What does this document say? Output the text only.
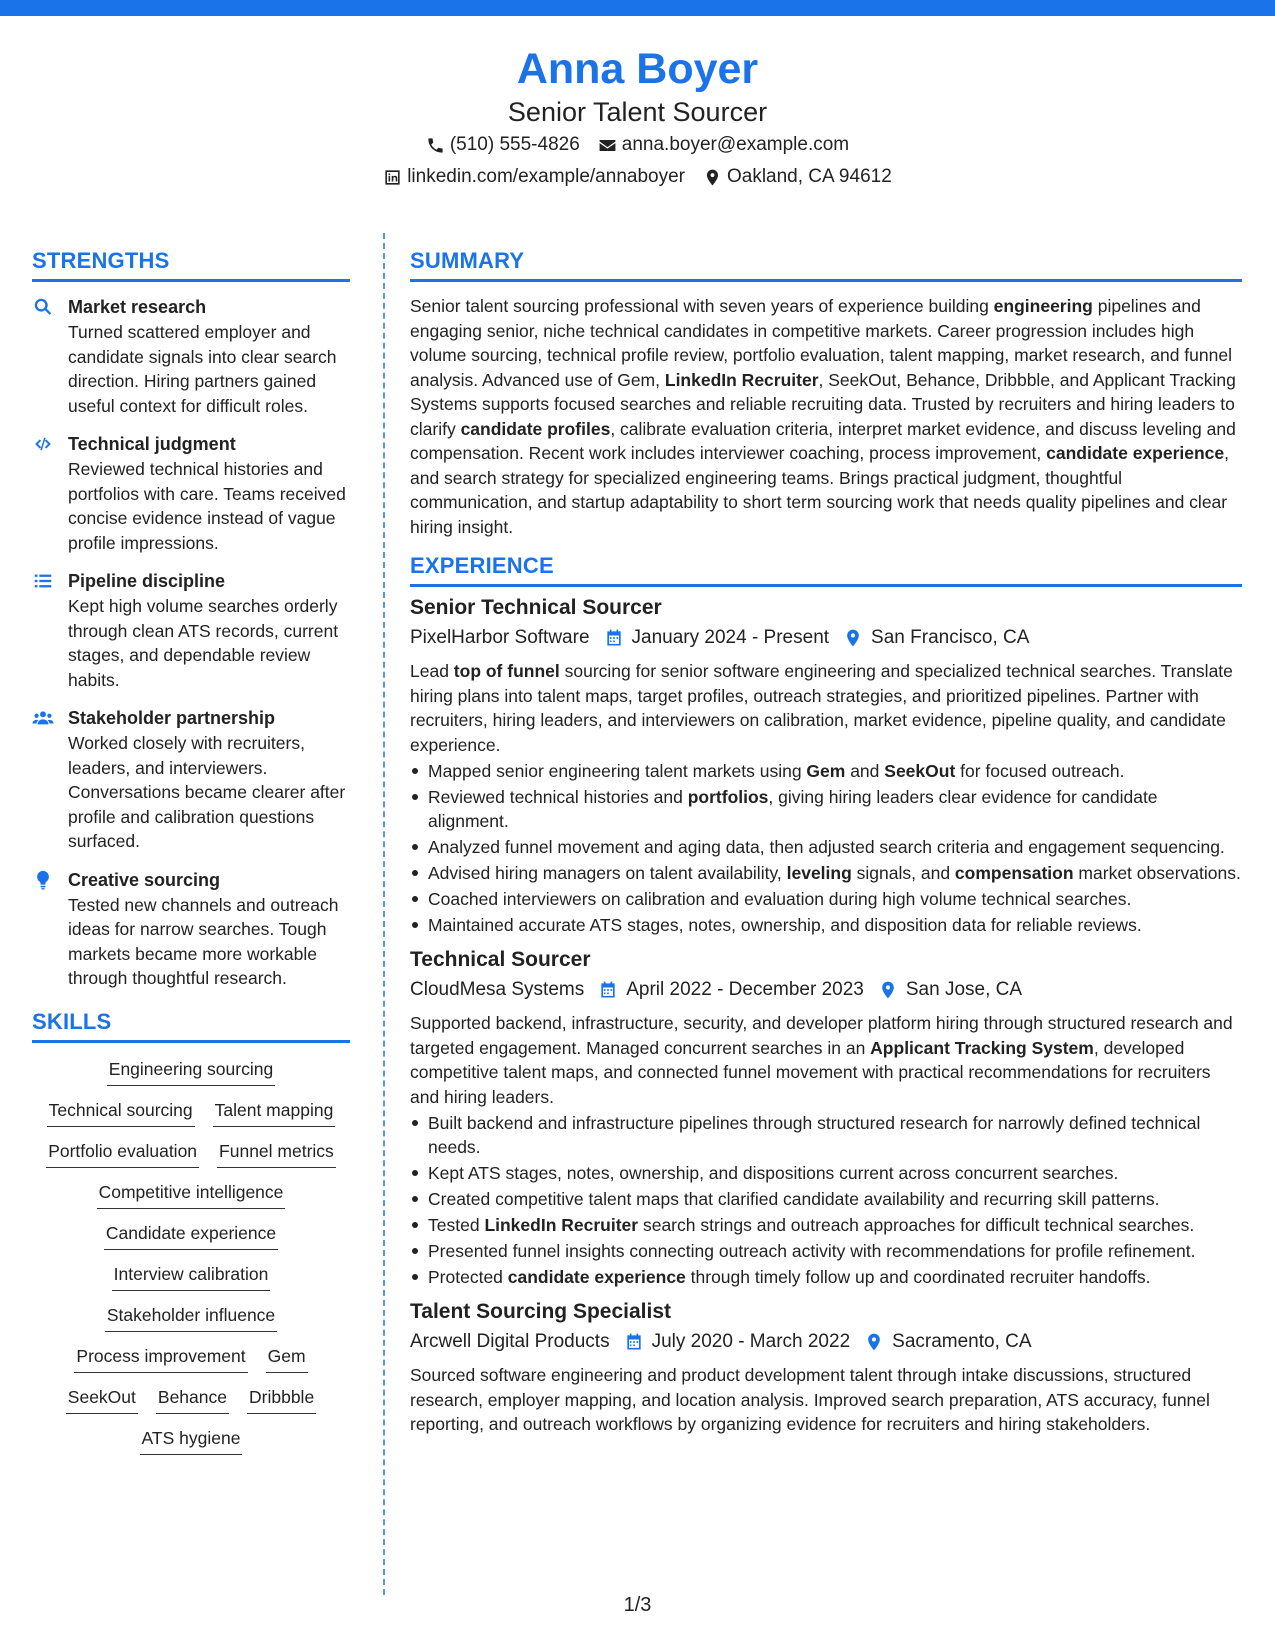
Anna Boyer
Senior Talent Sourcer
(510) 555-4826 anna.boyer@example.com
linkedin.com/example/annaboyer Oakland, CA 94612
STRENGTHS
Market research
Turned scattered employer and candidate signals into clear search direction. Hiring partners gained useful context for difficult roles.
Technical judgment
Reviewed technical histories and portfolios with care. Teams received concise evidence instead of vague profile impressions.
Pipeline discipline
Kept high volume searches orderly through clean ATS records, current stages, and dependable review habits.
Stakeholder partnership
Worked closely with recruiters, leaders, and interviewers. Conversations became clearer after profile and calibration questions surfaced.
Creative sourcing
Tested new channels and outreach ideas for narrow searches. Tough markets became more workable through thoughtful research.
SKILLS
Engineering sourcing
Technical sourcing Talent mapping
Portfolio evaluation Funnel metrics
Competitive intelligence
Candidate experience
Interview calibration
Stakeholder influence
Process improvement Gem
SeekOut Behance Dribbble
ATS hygiene
SUMMARY

Senior talent sourcing professional with seven years of experience building engineering pipelines and engaging senior, niche technical candidates in competitive markets. Career progression includes high volume sourcing, technical profile review, portfolio evaluation, talent mapping, market research, and funnel analysis. Advanced use of Gem, LinkedIn Recruiter, SeekOut, Behance, Dribbble, and Applicant Tracking Systems supports focused searches and reliable recruiting data. Trusted by recruiters and hiring leaders to clarify candidate profiles, calibrate evaluation criteria, interpret market evidence, and discuss leveling and compensation. Recent work includes interviewer coaching, process improvement, candidate experience, and search strategy for specialized engineering teams. Brings practical judgment, thoughtful communication, and startup adaptability to short term sourcing work that needs quality pipelines and clear hiring insight.

EXPERIENCE
Senior Technical Sourcer
PixelHarbor Software January 2024 - Present San Francisco, CA

Lead top of funnel sourcing for senior software engineering and specialized technical searches. Translate hiring plans into talent maps, target profiles, outreach strategies, and prioritized pipelines. Partner with recruiters, hiring leaders, and interviewers on calibration, market evidence, pipeline quality, and candidate experience.

Mapped senior engineering talent markets using Gem and SeekOut for focused outreach.
Reviewed technical histories and portfolios, giving hiring leaders clear evidence for candidate alignment.
Analyzed funnel movement and aging data, then adjusted search criteria and engagement sequencing.
Advised hiring managers on talent availability, leveling signals, and compensation market observations.
Coached interviewers on calibration and evaluation during high volume technical searches.
Maintained accurate ATS stages, notes, ownership, and disposition data for reliable reviews.
Technical Sourcer
CloudMesa Systems April 2022 - December 2023 San Jose, CA

Supported backend, infrastructure, security, and developer platform hiring through structured research and targeted engagement. Managed concurrent searches in an Applicant Tracking System, developed competitive talent maps, and connected funnel movement with practical recommendations for recruiters and hiring leaders.

Built backend and infrastructure pipelines through structured research for narrowly defined technical needs.
Kept ATS stages, notes, ownership, and dispositions current across concurrent searches.
Created competitive talent maps that clarified candidate availability and recurring skill patterns.
Tested LinkedIn Recruiter search strings and outreach approaches for difficult technical searches.
Presented funnel insights connecting outreach activity with recommendations for profile refinement.
Protected candidate experience through timely follow up and coordinated recruiter handoffs.
Talent Sourcing Specialist
Arcwell Digital Products July 2020 - March 2022 Sacramento, CA

Sourced software engineering and product development talent through intake discussions, structured research, employer mapping, and location analysis. Improved search preparation, ATS accuracy, funnel reporting, and outreach workflows by organizing evidence for recruiters and hiring stakeholders.

1/3
